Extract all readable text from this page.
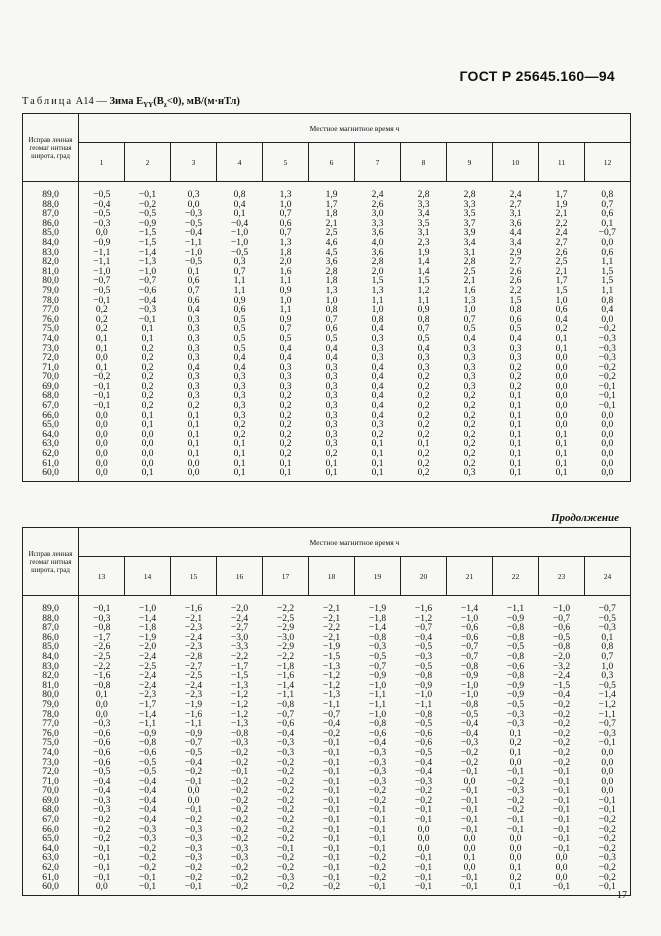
ГОСТ Р 25645.160—94
Таблица А14 — Зима $E_{YY}(B_z<0)$, мВ/(м·нТл)
Исправ ленная геомаг нитная широта, град	Местное магнитное время ч											
	1	2	3	4	5	6	7	8	9	10	11	12

89,0	−0,5	−0,1	0,3	0,8	1,3	1,9	2,4	2,8	2,8	2,4	1,7	0,8
88,0	−0,4	−0,2	0,0	0,4	1,0	1,7	2,6	3,3	3,3	2,7	1,9	0,7
87,0	−0,5	−0,5	−0,3	0,1	0,7	1,8	3,0	3,4	3,5	3,1	2,1	0,6
86,0	−0,3	−0,9	−0,5	−0,4	0,6	2,1	3,3	3,5	3,7	3,6	2,2	0,1
85,0	0,0	−1,5	−0,4	−1,0	0,7	2,5	3,6	3,1	3,9	4,4	2,4	−0,7
84,0	−0,9	−1,5	−1,1	−1,0	1,3	4,6	4,0	2,3	3,4	3,4	2,7	0,0
83,0	−1,1	−1,4	−1,0	−0,5	1,8	4,5	3,6	1,9	3,1	2,9	2,6	0,6
82,0	−1,1	−1,3	−0,5	0,3	2,0	3,6	2,8	1,4	2,8	2,7	2,5	1,1
81,0	−1,0	−1,0	0,1	0,7	1,6	2,8	2,0	1,4	2,5	2,6	2,1	1,5
80,0	−0,7	−0,7	0,6	1,1	1,1	1,8	1,5	1,5	2,1	2,6	1,7	1,5
79,0	−0,5	−0,6	0,7	1,1	0,9	1,3	1,3	1,2	1,6	2,2	1,5	1,1
78,0	−0,1	−0,4	0,6	0,9	1,0	1,0	1,1	1,1	1,3	1,5	1,0	0,8
77,0	0,2	−0,3	0,4	0,6	1,1	0,8	1,0	0,9	1,0	0,8	0,6	0,4
76,0	0,2	−0,1	0,3	0,5	0,9	0,7	0,8	0,8	0,7	0,6	0,4	0,0
75,0	0,2	0,1	0,3	0,5	0,7	0,6	0,4	0,7	0,5	0,5	0,2	−0,2
74,0	0,1	0,1	0,3	0,5	0,5	0,5	0,3	0,5	0,4	0,4	0,1	−0,3
73,0	0,1	0,2	0,3	0,5	0,4	0,4	0,3	0,4	0,3	0,3	0,1	−0,3
72,0	0,0	0,2	0,3	0,4	0,4	0,4	0,3	0,3	0,3	0,3	0,0	−0,3
71,0	0,1	0,2	0,4	0,4	0,3	0,3	0,4	0,3	0,3	0,2	0,0	−0,2
70,0	−0,2	0,2	0,3	0,3	0,3	0,3	0,4	0,2	0,3	0,2	0,0	−0,2
69,0	−0,1	0,2	0,3	0,3	0,3	0,3	0,4	0,2	0,3	0,2	0,0	−0,1
68,0	−0,1	0,2	0,3	0,3	0,2	0,3	0,4	0,2	0,2	0,1	0,0	−0,1
67,0	−0,1	0,2	0,2	0,3	0,2	0,3	0,4	0,2	0,2	0,1	0,0	−0,1
66,0	0,0	0,1	0,1	0,3	0,2	0,3	0,4	0,2	0,2	0,1	0,0	0,0
65,0	0,0	0,1	0,1	0,2	0,2	0,3	0,3	0,2	0,2	0,1	0,0	0,0
64,0	0,0	0,0	0,1	0,2	0,2	0,3	0,2	0,2	0,2	0,1	0,1	0,0
63,0	0,0	0,0	0,1	0,1	0,2	0,3	0,1	0,1	0,2	0,1	0,1	0,0
62,0	0,0	0,0	0,1	0,1	0,2	0,2	0,1	0,2	0,2	0,1	0,1	0,0
61,0	0,0	0,0	0,0	0,1	0,1	0,1	0,1	0,2	0,2	0,1	0,1	0,0
60,0	0,0	0,1	0,0	0,1	0,1	0,1	0,1	0,2	0,3	0,1	0,1	0,0
Продолжение
Исправ ленная геомаг нитная широта, град	Местное магнитное время ч											
	13	14	15	16	17	18	19	20	21	22	23	24

89,0	−0,1	−1,0	−1,6	−2,0	−2,2	−2,1	−1,9	−1,6	−1,4	−1,1	−1,0	−0,7
88,0	−0,3	−1,4	−2,1	−2,4	−2,5	−2,1	−1,8	−1,2	−1,0	−0,9	−0,7	−0,5
87,0	−0,8	−1,8	−2,3	−2,7	−2,9	−2,2	−1,4	−0,7	−0,6	−0,8	−0,6	−0,3
86,0	−1,7	−1,9	−2,4	−3,0	−3,0	−2,1	−0,8	−0,4	−0,6	−0,8	−0,5	0,1
85,0	−2,6	−2,0	−2,3	−3,3	−2,9	−1,9	−0,3	−0,5	−0,7	−0,5	−0,8	0,8
84,0	−2,5	−2,4	−2,8	−2,2	−2,2	−1,5	−0,5	−0,3	−0,7	−0,8	−2,0	0,7
83,0	−2,2	−2,5	−2,7	−1,7	−1,8	−1,3	−0,7	−0,5	−0,8	−0,6	−3,2	1,0
82,0	−1,6	−2,4	−2,5	−1,5	−1,6	−1,2	−0,9	−0,8	−0,9	−0,8	−2,4	0,3
81,0	−0,8	−2,4	−2,4	−1,3	−1,4	−1,2	−1,0	−0,9	−1,0	−0,9	−1,5	−0,5
80,0	0,1	−2,3	−2,3	−1,2	−1,1	−1,3	−1,1	−1,0	−1,0	−0,9	−0,4	−1,4
79,0	0,0	−1,7	−1,9	−1,2	−0,8	−1,1	−1,1	−1,1	−0,8	−0,5	−0,2	−1,2
78,0	0,0	−1,4	−1,6	−1,2	−0,7	−0,7	−1,0	−0,8	−0,5	−0,3	−0,2	−1,1
77,0	−0,3	−1,1	−1,1	−1,3	−0,6	−0,4	−0,8	−0,5	−0,4	−0,3	−0,2	−0,7
76,0	−0,6	−0,9	−0,9	−0,8	−0,4	−0,2	−0,6	−0,6	−0,4	0,1	−0,2	−0,3
75,0	−0,6	−0,8	−0,7	−0,3	−0,3	−0,1	−0,4	−0,6	−0,3	0,2	−0,2	−0,1
74,0	−0,6	−0,6	−0,5	−0,2	−0,3	−0,1	−0,3	−0,5	−0,2	0,1	−0,2	0,0
73,0	−0,6	−0,5	−0,4	−0,2	−0,2	−0,1	−0,3	−0,4	−0,2	0,0	−0,2	0,0
72,0	−0,5	−0,5	−0,2	−0,1	−0,2	−0,1	−0,3	−0,4	−0,1	−0,1	−0,1	0,0
71,0	−0,4	−0,4	−0,1	−0,2	−0,2	−0,1	−0,3	−0,3	0,0	−0,2	−0,1	0,0
70,0	−0,4	−0,4	0,0	−0,2	−0,2	−0,1	−0,2	−0,2	−0,1	−0,3	−0,1	0,0
69,0	−0,3	−0,4	0,0	−0,2	−0,2	−0,1	−0,2	−0,2	−0,1	−0,2	−0,1	−0,1
68,0	−0,3	−0,4	−0,1	−0,2	−0,2	−0,1	−0,1	−0,1	−0,1	−0,2	−0,1	−0,1
67,0	−0,2	−0,4	−0,2	−0,2	−0,2	−0,1	−0,1	−0,1	−0,1	−0,1	−0,1	−0,2
66,0	−0,2	−0,3	−0,3	−0,2	−0,2	−0,1	−0,1	0,0	−0,1	−0,1	−0,1	−0,2
65,0	−0,2	−0,3	−0,3	−0,2	−0,2	−0,1	−0,1	0,0	0,0	0,0	−0,1	−0,2
64,0	−0,1	−0,2	−0,3	−0,3	−0,1	−0,1	−0,1	0,0	0,0	0,0	−0,1	−0,2
63,0	−0,1	−0,2	−0,3	−0,3	−0,2	−0,1	−0,2	−0,1	0,1	0,0	0,0	−0,3
62,0	−0,1	−0,2	−0,2	−0,2	−0,2	−0,1	−0,2	−0,1	0,0	0,1	0,0	−0,2
61,0	−0,1	−0,1	−0,2	−0,2	−0,3	−0,1	−0,2	−0,1	−0,1	0,2	0,0	−0,2
60,0	0,0	−0,1	−0,1	−0,2	−0,2	−0,2	−0,1	−0,1	−0,1	0,1	−0,1	−0,1
17
